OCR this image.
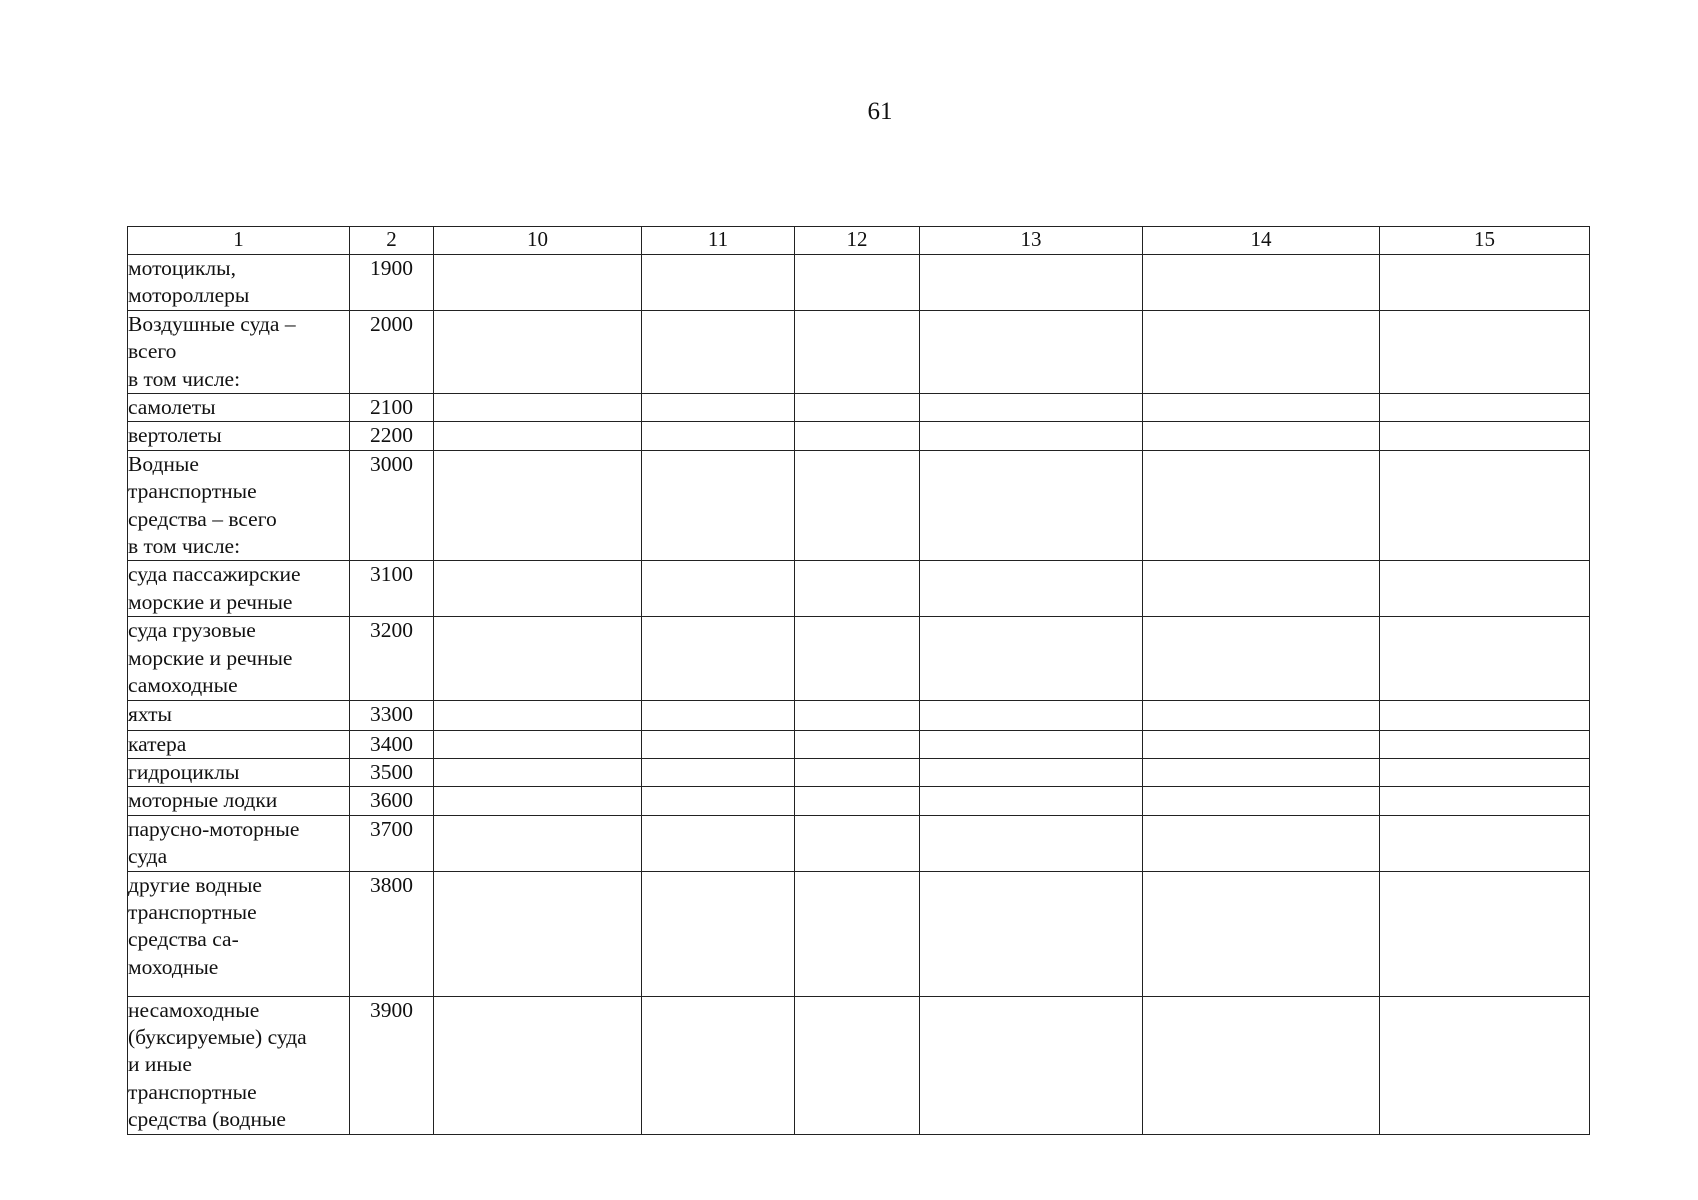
61
1	2	10	11	12	13	14	15
мотоциклы,
мотороллеры	1900						
Воздушные суда –
всего
в том числе:	2000						
самолеты	2100						
вертолеты	2200						
Водные
транспортные
средства – всего
в том числе:	3000						
суда пассажирские
морские и речные	3100						
суда грузовые
морские и речные
самоходные	3200						
яхты	3300						
катера	3400						
гидроциклы	3500						
моторные лодки	3600						
парусно-моторные
суда	3700						
другие водные
транспортные
средства са-
моходные	3800						
несамоходные
(буксируемые) суда
и иные
транспортные
средства (водные	3900						
